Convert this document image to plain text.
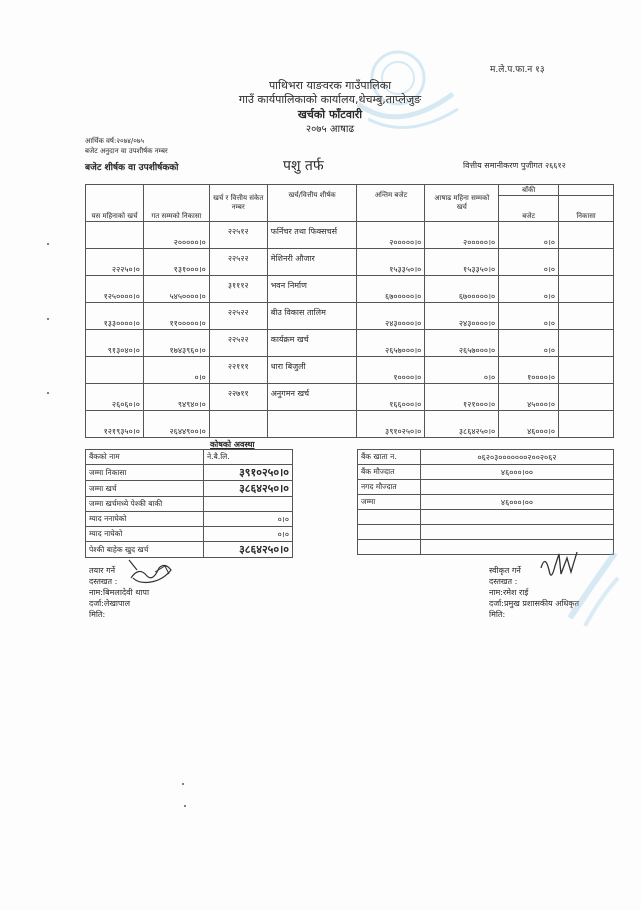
म.ले.प.फा.न १३
पाथिभरा याङवरक गाउँपालिका
गाउँ कार्यपालिकाको कार्यालय,थेचम्बु,ताप्लेजुङ
खर्चको फाँटवारी
२०७५ आषाढ
आर्थिक वर्ष:२०७४/०७५
बजेट अनुदान वा उपशीर्षक नम्बर
बजेट शीर्षक वा उपशीर्षकको	पशु तर्फ	वित्तीय समानीकरण पुजीगत २६६१२
यस महिनाको खर्च	गत सम्मको निकासा	खर्च र वित्तीय संकेत नम्बर	खर्च/वित्तीय शीर्षक	अन्तिम बजेट	आषाढ महिना सम्मको खर्च	बाँकी	
						बजेट	निकासा
	२०००००।०	२२५१२	फर्निचर तथा फिक्सचर्स	२०००००।०	२०००००।०	०।०	
२२२५०।०	१३१०००।०	२२५२२	मेशिनरी औजार	१५३३५०।०	१५३३५०।०	०।०	
१२५००००।०	५४५००००।०	३१११२	भवन निर्माण	६७०००००।०	६७०००००।०	०।०	
१३३००००।०	११०००००।०	२२५२२	बीउ विकास तालिम	२४३००००।०	२४३००००।०	०।०	
९१३०४०।०	१७४३९६०।०	२२५२२	कार्यक्रम खर्च	२६५७०००।०	२६५७०००।०	०।०	
	०।०	२२१११	धारा बिजुली	१००००।०	०।०	१००००।०	
२६०६०।०	९४९४०।०	२२७११	अनुगमन खर्च	१६६०००।०	१२१०००।०	४५०००।०	
१२१९३५०।०	२६४४९००।०			३९१०२५०।०	३८६४२५०।०	४६०००।०	
कोषको अवस्था
बैंकको नाम	ने.बै.लि.
जम्मा निकासा	३९१०२५०।०
जम्मा खर्च	३८६४२५०।०
जम्मा खर्चमध्ये पेश्की बाकी	
म्याद ननाघेको	०।०
म्याद नाघेको	०।०
पेश्की बाहेक खुद खर्च	३८६४२५०।०
बैंक खाता न.	०६२०३०००००००२००२०६२
बैंक मौज्दात	४६०००।००
नगद मौज्दात	
जम्मा	४६०००।००

तयार गर्ने
दस्तखत :
नाम:बिमलादेवी थापा
दर्जा:लेखापाल
मिति:
स्वीकृत गर्ने
दस्तखत :
नाम:रमेश राई
दर्जा:प्रमुख प्रशासकीय अधिकृत
मिति:
